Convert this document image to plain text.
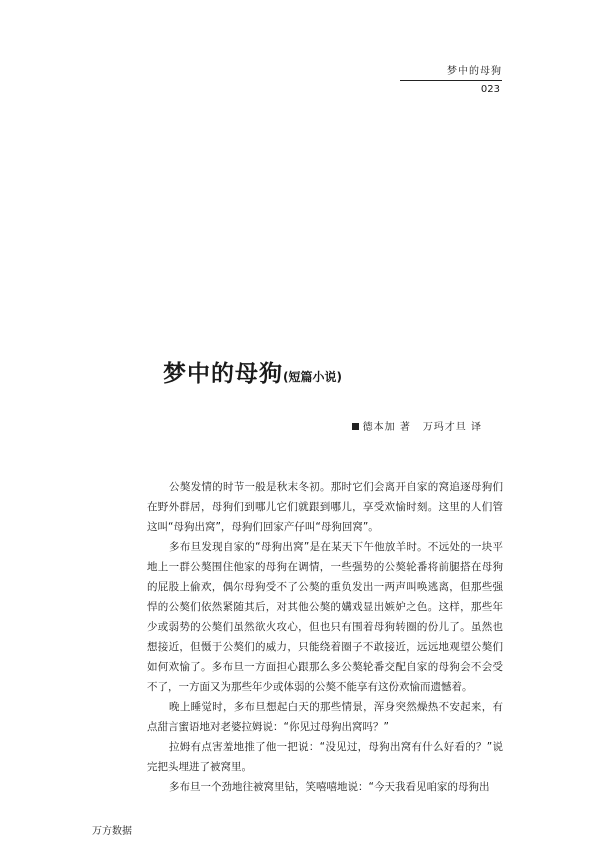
梦中的母狗
023
梦中的母狗(短篇小说)
德本加 著 万玛才旦 译

公獒发情的时节一般是秋末冬初。那时它们会离开自家的窝追逐母狗们在野外群居，母狗们到哪儿它们就跟到哪儿，享受欢愉时刻。这里的人们管这叫“母狗出窝”，母狗们回家产仔叫“母狗回窝”。

多布旦发现自家的“母狗出窝”是在某天下午他放羊时。不远处的一块平地上一群公獒围住他家的母狗在调情，一些强势的公獒轮番将前腿搭在母狗的屁股上偷欢，偶尔母狗受不了公獒的重负发出一两声叫唤逃离，但那些强悍的公獒们依然紧随其后，对其他公獒的媾戏显出嫉妒之色。这样，那些年少或弱势的公獒们虽然欲火攻心，但也只有围着母狗转圈的份儿了。虽然也想接近，但慑于公獒们的威力，只能绕着圈子不敢接近，远远地观望公獒们如何欢愉了。多布旦一方面担心跟那么多公獒轮番交配自家的母狗会不会受不了，一方面又为那些年少或体弱的公獒不能享有这份欢愉而遗憾着。

晚上睡觉时，多布旦想起白天的那些情景，浑身突然燥热不安起来，有点甜言蜜语地对老婆拉姆说：“你见过母狗出窝吗？”

拉姆有点害羞地推了他一把说：“没见过，母狗出窝有什么好看的？”说完把头埋进了被窝里。

多布旦一个劲地往被窝里钻，笑嘻嘻地说：“今天我看见咱家的母狗出

万方数据
